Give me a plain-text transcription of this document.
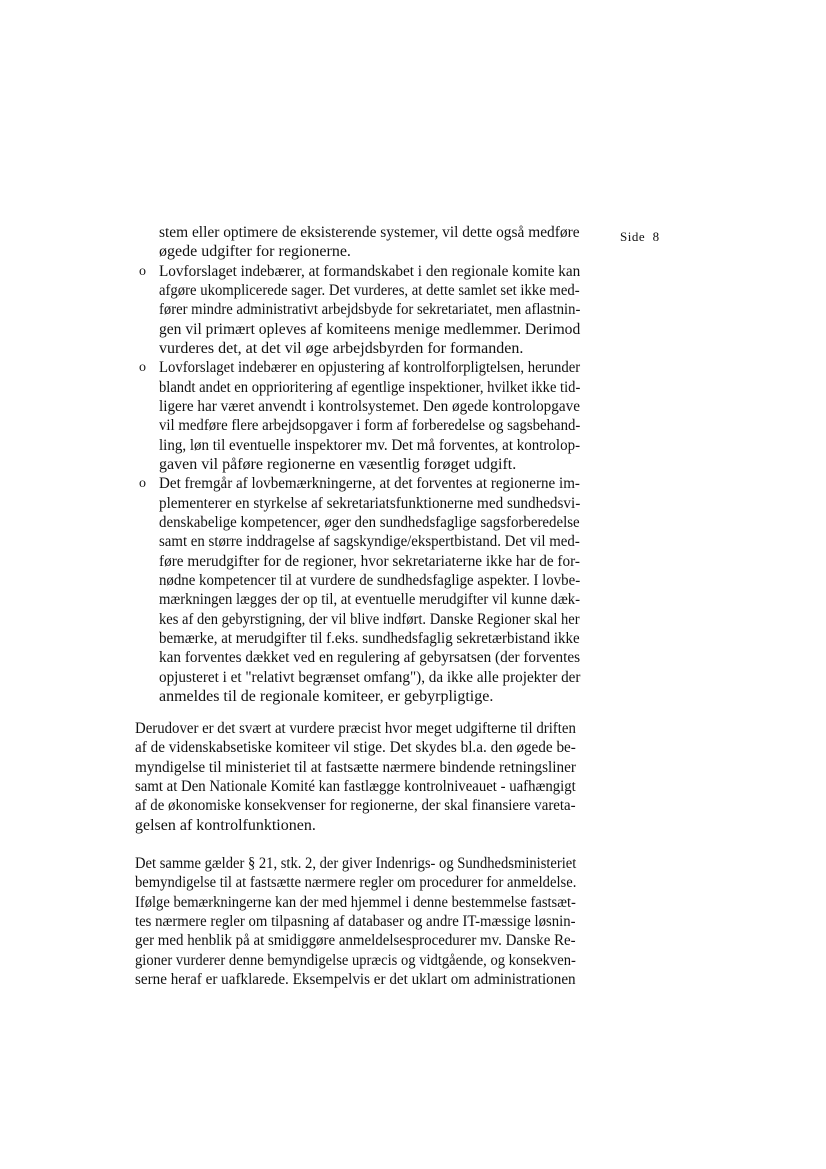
Side  8
stem eller optimere de eksisterende systemer, vil dette også medføre
øgede udgifter for regionerne.
o Lovforslaget indebærer, at formandskabet i den regionale komite kan
afgøre ukomplicerede sager. Det vurderes, at dette samlet set ikke med-
fører mindre administrativt arbejdsbyde for sekretariatet, men aflastnin-
gen vil primært opleves af komiteens menige medlemmer. Derimod
vurderes det, at det vil øge arbejdsbyrden for formanden.
o Lovforslaget indebærer en opjustering af kontrolforpligtelsen, herunder
blandt andet en opprioritering af egentlige inspektioner, hvilket ikke tid-
ligere har været anvendt i kontrolsystemet. Den øgede kontrolopgave
vil medføre flere arbejdsopgaver i form af forberedelse og sagsbehand-
ling, løn til eventuelle inspektorer mv. Det må forventes, at kontrolop-
gaven vil påføre regionerne en væsentlig forøget udgift.
o Det fremgår af lovbemærkningerne, at det forventes at regionerne im-
plementerer en styrkelse af sekretariatsfunktionerne med sundhedsvi-
denskabelige kompetencer, øger den sundhedsfaglige sagsforberedelse
samt en større inddragelse af sagskyndige/ekspertbistand. Det vil med-
føre merudgifter for de regioner, hvor sekretariaterne ikke har de for-
nødne kompetencer til at vurdere de sundhedsfaglige aspekter. I lovbe-
mærkningen lægges der op til, at eventuelle merudgifter vil kunne dæk-
kes af den gebyrstigning, der vil blive indført. Danske Regioner skal her
bemærke, at merudgifter til f.eks. sundhedsfaglig sekretærbistand ikke
kan forventes dækket ved en regulering af gebyrsatsen (der forventes
opjusteret i et "relativt begrænset omfang"), da ikke alle projekter der
anmeldes til de regionale komiteer, er gebyrpligtige.
Derudover er det svært at vurdere præcist hvor meget udgifterne til driften
af de videnskabsetiske komiteer vil stige. Det skydes bl.a. den øgede be-
myndigelse til ministeriet til at fastsætte nærmere bindende retningsliner
samt at Den Nationale Komité kan fastlægge kontrolniveauet - uafhængigt
af de økonomiske konsekvenser for regionerne, der skal finansiere vareta-
gelsen af kontrolfunktionen.
Det samme gælder § 21, stk. 2, der giver Indenrigs- og Sundhedsministeriet
bemyndigelse til at fastsætte nærmere regler om procedurer for anmeldelse.
Ifølge bemærkningerne kan der med hjemmel i denne bestemmelse fastsæt-
tes nærmere regler om tilpasning af databaser og andre IT-mæssige løsnin-
ger med henblik på at smidiggøre anmeldelsesprocedurer mv. Danske Re-
gioner vurderer denne bemyndigelse upræcis og vidtgående, og konsekven-
serne heraf er uafklarede. Eksempelvis er det uklart om administrationen
